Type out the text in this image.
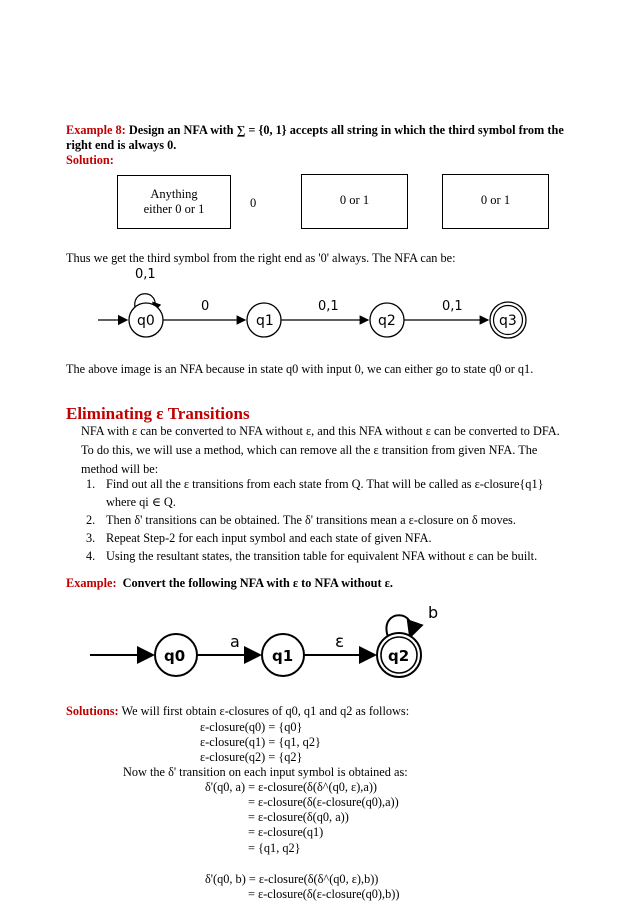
Example 8: Design an NFA with ∑ = {0, 1} accepts all string in which the third symbol from the
right end is always 0.
Solution:
Anything
either 0 or 1	0	0 or 1	0 or 1
Thus we get the third symbol from the right end as '0' always. The NFA can be:
0,1
q0
0
q1
0,1
q2
0,1
q3
The above image is an NFA because in state q0 with input 0, we can either go to state q0 or q1.
Eliminating ε Transitions
NFA with ε can be converted to NFA without ε, and this NFA without ε can be converted to DFA.
To do this, we will use a method, which can remove all the ε transition from given NFA. The
method will be:
1. Find out all the ε transitions from each state from Q. That will be called as ε-closure{q1}
where qi ∈ Q.
2. Then δ' transitions can be obtained. The δ' transitions mean a ε-closure on δ moves.
3. Repeat Step-2 for each input symbol and each state of given NFA.
4. Using the resultant states, the transition table for equivalent NFA without ε can be built.
Example: Convert the following NFA with ε to NFA without ε.
q0
a
q1
ε
b
q2
Solutions: We will first obtain ε-closures of q0, q1 and q2 as follows:
ε-closure(q0) = {q0}
ε-closure(q1) = {q1, q2}
ε-closure(q2) = {q2}
Now the δ' transition on each input symbol is obtained as:
δ'(q0, a) = ε-closure(δ(δ^(q0, ε),a))
= ε-closure(δ(ε-closure(q0),a))
= ε-closure(δ(q0, a))
= ε-closure(q1)
= {q1, q2}
δ'(q0, b) = ε-closure(δ(δ^(q0, ε),b))
= ε-closure(δ(ε-closure(q0),b))
